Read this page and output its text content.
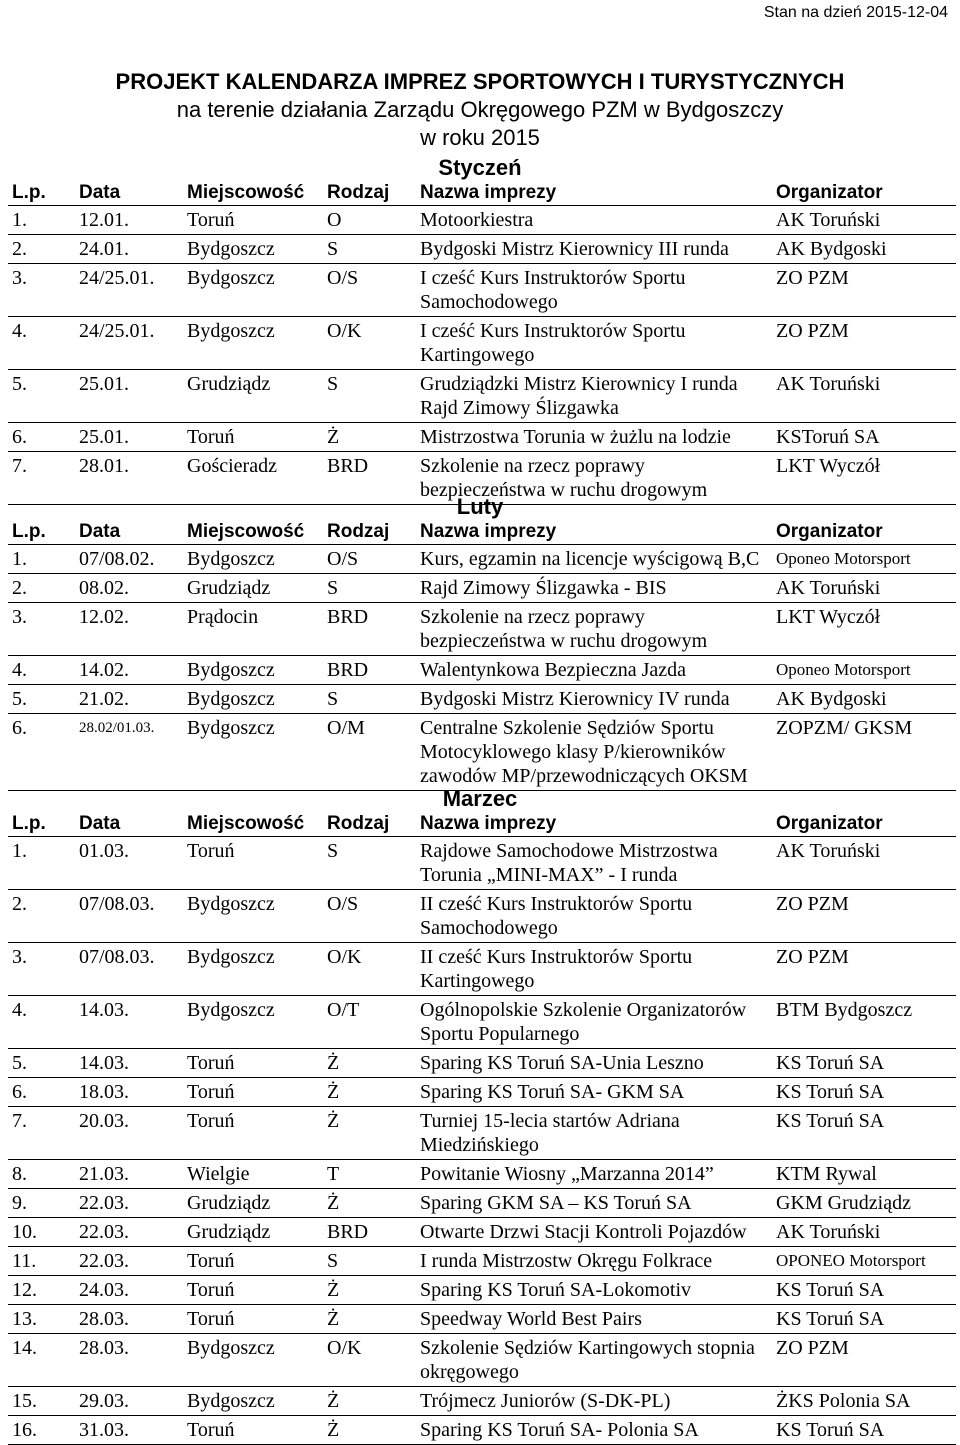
Stan na dzień 2015-12-04
PROJEKT KALENDARZA IMPREZ SPORTOWYCH I TURYSTYCZNYCH
na terenie działania Zarządu Okręgowego PZM w Bydgoszczy
w roku 2015
Styczeń
L.p.	Data	Miejscowość	Rodzaj	Nazwa imprezy	Organizator
1.	12.01.	Toruń	O	Motoorkiestra	AK Toruński
2.	24.01.	Bydgoszcz	S	Bydgoski Mistrz Kierownicy III runda	AK Bydgoski
3.	24/25.01.	Bydgoszcz	O/S	I cześć Kurs Instruktorów Sportu Samochodowego	ZO PZM
4.	24/25.01.	Bydgoszcz	O/K	I cześć Kurs Instruktorów Sportu Kartingowego	ZO PZM
5.	25.01.	Grudziądz	S	Grudziądzki Mistrz Kierownicy I runda Rajd Zimowy Ślizgawka	AK Toruński
6.	25.01.	Toruń	Ż	Mistrzostwa Torunia w żużlu na lodzie	KSToruń SA
7.	28.01.	Gościeradz	BRD	Szkolenie na rzecz poprawy bezpieczeństwa w ruchu drogowym	LKT Wyczół
Luty
L.p.	Data	Miejscowość	Rodzaj	Nazwa imprezy	Organizator
1.	07/08.02.	Bydgoszcz	O/S	Kurs, egzamin na licencje wyścigową B,C	Oponeo Motorsport
2.	08.02.	Grudziądz	S	Rajd Zimowy Ślizgawka - BIS	AK Toruński
3.	12.02.	Prądocin	BRD	Szkolenie na rzecz poprawy bezpieczeństwa w ruchu drogowym	LKT Wyczół
4.	14.02.	Bydgoszcz	BRD	Walentynkowa Bezpieczna Jazda	Oponeo Motorsport
5.	21.02.	Bydgoszcz	S	Bydgoski Mistrz Kierownicy IV runda	AK Bydgoski
6.	28.02/01.03.	Bydgoszcz	O/M	Centralne Szkolenie Sędziów Sportu Motocyklowego klasy P/kierowników zawodów MP/przewodniczących OKSM	ZOPZM/ GKSM
Marzec
L.p.	Data	Miejscowość	Rodzaj	Nazwa imprezy	Organizator
1.	01.03.	Toruń	S	Rajdowe Samochodowe Mistrzostwa Torunia „MINI-MAX” - I runda	AK Toruński
2.	07/08.03.	Bydgoszcz	O/S	II cześć Kurs Instruktorów Sportu Samochodowego	ZO PZM
3.	07/08.03.	Bydgoszcz	O/K	II cześć Kurs Instruktorów Sportu Kartingowego	ZO PZM
4.	14.03.	Bydgoszcz	O/T	Ogólnopolskie Szkolenie Organizatorów Sportu Popularnego	BTM Bydgoszcz
5.	14.03.	Toruń	Ż	Sparing KS Toruń SA-Unia Leszno	KS Toruń SA
6.	18.03.	Toruń	Ż	Sparing KS Toruń SA- GKM SA	KS Toruń SA
7.	20.03.	Toruń	Ż	Turniej 15-lecia startów Adriana Miedzińskiego	KS Toruń SA
8.	21.03.	Wielgie	T	Powitanie Wiosny „Marzanna 2014”	KTM Rywal
9.	22.03.	Grudziądz	Ż	Sparing GKM SA – KS Toruń SA	GKM Grudziądz
10.	22.03.	Grudziądz	BRD	Otwarte Drzwi Stacji Kontroli Pojazdów	AK Toruński
11.	22.03.	Toruń	S	I runda Mistrzostw Okręgu Folkrace	OPONEO Motorsport
12.	24.03.	Toruń	Ż	Sparing KS Toruń SA-Lokomotiv	KS Toruń SA
13.	28.03.	Toruń	Ż	Speedway World Best Pairs	KS Toruń SA
14.	28.03.	Bydgoszcz	O/K	Szkolenie Sędziów Kartingowych stopnia okręgowego	ZO PZM
15.	29.03.	Bydgoszcz	Ż	Trójmecz Juniorów (S-DK-PL)	ŻKS Polonia SA
16.	31.03.	Toruń	Ż	Sparing KS Toruń SA- Polonia SA	KS Toruń SA
